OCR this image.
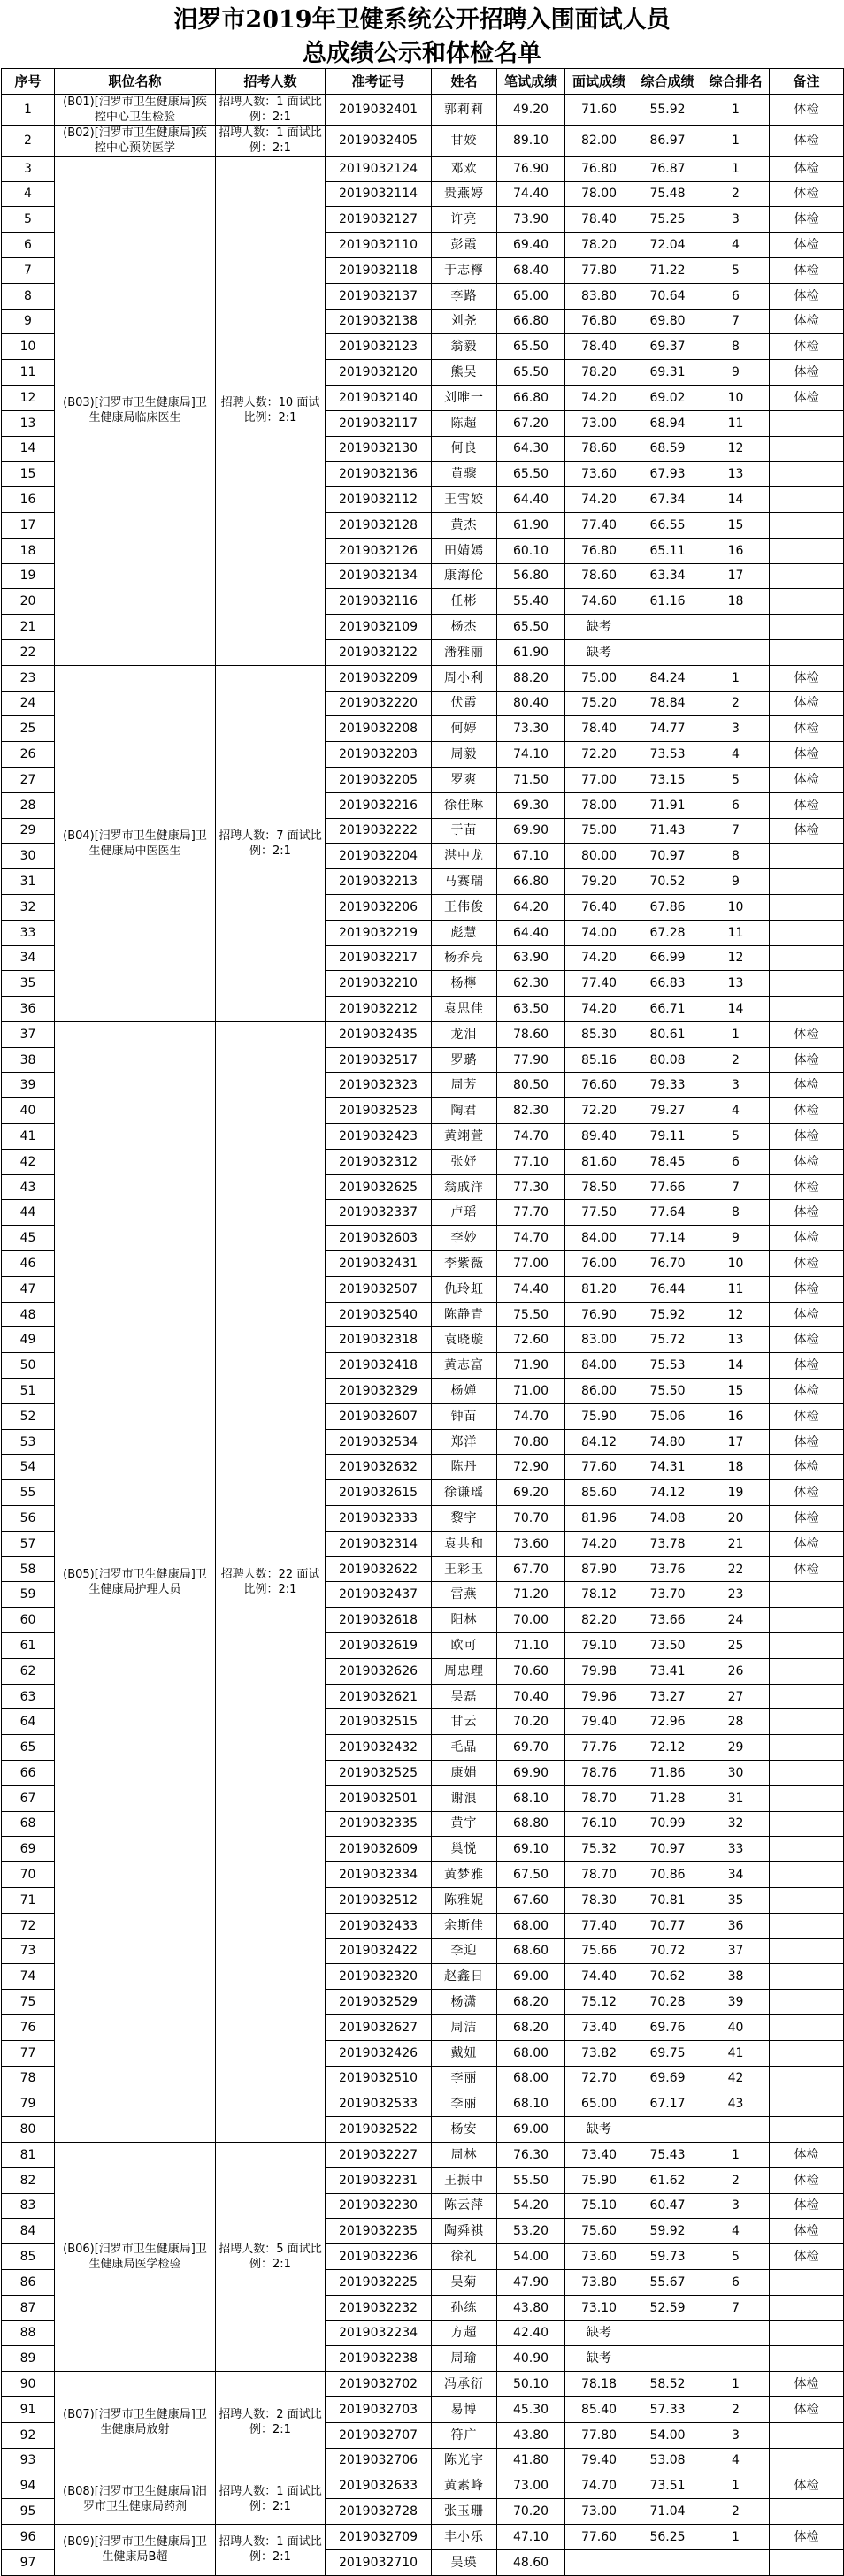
汨罗市2019年卫健系统公开招聘入围面试人员
总成绩公示和体检名单
序号	职位名称	招考人数	准考证号	姓名	笔试成绩	面试成绩	综合成绩	综合排名	备注
1	(B01)[汨罗市卫生健康局]疾控中心卫生检验	招聘人数：1 面试比例：2:1	2019032401	郭莉莉	49.20	71.60	55.92	1	体检
2	(B02)[汨罗市卫生健康局]疾控中心预防医学	招聘人数：1 面试比例：2:1	2019032405	甘姣	89.10	82.00	86.97	1	体检
3	(B03)[汨罗市卫生健康局]卫生健康局临床医生	招聘人数：10 面试比例：2:1	2019032124	邓欢	76.90	76.80	76.87	1	体检
4			2019032114	贵燕婷	74.40	78.00	75.48	2	体检
5			2019032127	许亮	73.90	78.40	75.25	3	体检
6			2019032110	彭霞	69.40	78.20	72.04	4	体检
7			2019032118	于志檸	68.40	77.80	71.22	5	体检
8			2019032137	李路	65.00	83.80	70.64	6	体检
9			2019032138	刘尧	66.80	76.80	69.80	7	体检
10			2019032123	翁毅	65.50	78.40	69.37	8	体检
11			2019032120	熊吴	65.50	78.20	69.31	9	体检
12			2019032140	刘唯一	66.80	74.20	69.02	10	体检
13			2019032117	陈超	67.20	73.00	68.94	11	
14			2019032130	何良	64.30	78.60	68.59	12	
15			2019032136	黄骤	65.50	73.60	67.93	13	
16			2019032112	王雪姣	64.40	74.20	67.34	14	
17			2019032128	黄杰	61.90	77.40	66.55	15	
18			2019032126	田婧嫣	60.10	76.80	65.11	16	
19			2019032134	康海伦	56.80	78.60	63.34	17	
20			2019032116	任彬	55.40	74.60	61.16	18	
21			2019032109	杨杰	65.50	缺考			
22			2019032122	潘雅丽	61.90	缺考			
23	(B04)[汨罗市卫生健康局]卫生健康局中医医生	招聘人数：7 面试比例：2:1	2019032209	周小利	88.20	75.00	84.24	1	体检
24			2019032220	伏霞	80.40	75.20	78.84	2	体检
25			2019032208	何婷	73.30	78.40	74.77	3	体检
26			2019032203	周毅	74.10	72.20	73.53	4	体检
27			2019032205	罗爽	71.50	77.00	73.15	5	体检
28			2019032216	徐佳琳	69.30	78.00	71.91	6	体检
29			2019032222	于苗	69.90	75.00	71.43	7	体检
30			2019032204	湛中龙	67.10	80.00	70.97	8	
31			2019032213	马赛瑞	66.80	79.20	70.52	9	
32			2019032206	王伟俊	64.20	76.40	67.86	10	
33			2019032219	彪慧	64.40	74.00	67.28	11	
34			2019032217	杨乔亮	63.90	74.20	66.99	12	
35			2019032210	杨檸	62.30	77.40	66.83	13	
36			2019032212	袁思佳	63.50	74.20	66.71	14	
37	(B05)[汨罗市卫生健康局]卫生健康局护理人员	招聘人数：22 面试比例：2:1	2019032435	龙泪	78.60	85.30	80.61	1	体检
38			2019032517	罗璐	77.90	85.16	80.08	2	体检
39			2019032323	周芳	80.50	76.60	79.33	3	体检
40			2019032523	陶君	82.30	72.20	79.27	4	体检
41			2019032423	黄翊萱	74.70	89.40	79.11	5	体检
42			2019032312	张妤	77.10	81.60	78.45	6	体检
43			2019032625	翁戚洋	77.30	78.50	77.66	7	体检
44			2019032337	卢瑶	77.70	77.50	77.64	8	体检
45			2019032603	李妙	74.70	84.00	77.14	9	体检
46			2019032431	李紫薇	77.00	76.00	76.70	10	体检
47			2019032507	仇玲虹	74.40	81.20	76.44	11	体检
48			2019032540	陈静青	75.50	76.90	75.92	12	体检
49			2019032318	袁晓璇	72.60	83.00	75.72	13	体检
50			2019032418	黄志富	71.90	84.00	75.53	14	体检
51			2019032329	杨婵	71.00	86.00	75.50	15	体检
52			2019032607	钟苗	74.70	75.90	75.06	16	体检
53			2019032534	郑洋	70.80	84.12	74.80	17	体检
54			2019032632	陈丹	72.90	77.60	74.31	18	体检
55			2019032615	徐谦瑶	69.20	85.60	74.12	19	体检
56			2019032333	黎宇	70.70	81.96	74.08	20	体检
57			2019032314	袁共和	73.60	74.20	73.78	21	体检
58			2019032622	王彩玉	67.70	87.90	73.76	22	体检
59			2019032437	雷燕	71.20	78.12	73.70	23	
60			2019032618	阳林	70.00	82.20	73.66	24	
61			2019032619	欧可	71.10	79.10	73.50	25	
62			2019032626	周忠理	70.60	79.98	73.41	26	
63			2019032621	吴磊	70.40	79.96	73.27	27	
64			2019032515	甘云	70.20	79.40	72.96	28	
65			2019032432	毛晶	69.70	77.76	72.12	29	
66			2019032525	康娟	69.90	78.76	71.86	30	
67			2019032501	谢浪	68.10	78.70	71.28	31	
68			2019032335	黄宇	68.80	76.10	70.99	32	
69			2019032609	巢悦	69.10	75.32	70.97	33	
70			2019032334	黄梦雅	67.50	78.70	70.86	34	
71			2019032512	陈雅妮	67.60	78.30	70.81	35	
72			2019032433	余斯佳	68.00	77.40	70.77	36	
73			2019032422	李迎	68.60	75.66	70.72	37	
74			2019032320	赵鑫日	69.00	74.40	70.62	38	
75			2019032529	杨潇	68.20	75.12	70.28	39	
76			2019032627	周洁	68.20	73.40	69.76	40	
77			2019032426	戴妞	68.00	73.82	69.75	41	
78			2019032510	李丽	68.00	72.70	69.69	42	
79			2019032533	李丽	68.10	65.00	67.17	43	
80			2019032522	杨安	69.00	缺考			
81	(B06)[汨罗市卫生健康局]卫生健康局医学检验	招聘人数：5 面试比例：2:1	2019032227	周林	76.30	73.40	75.43	1	体检
82			2019032231	王振中	55.50	75.90	61.62	2	体检
83			2019032230	陈云萍	54.20	75.10	60.47	3	体检
84			2019032235	陶舜祺	53.20	75.60	59.92	4	体检
85			2019032236	徐礼	54.00	73.60	59.73	5	体检
86			2019032225	吴菊	47.90	73.80	55.67	6	
87			2019032232	孙练	43.80	73.10	52.59	7	
88			2019032234	方超	42.40	缺考			
89			2019032238	周瑜	40.90	缺考			
90	(B07)[汨罗市卫生健康局]卫生健康局放射	招聘人数：2 面试比例：2:1	2019032702	冯承衍	50.10	78.18	58.52	1	体检
91			2019032703	易博	45.30	85.40	57.33	2	体检
92			2019032707	符广	43.80	77.80	54.00	3	
93			2019032706	陈光宇	41.80	79.40	53.08	4	
94	(B08)[汨罗市卫生健康局]汨罗市卫生健康局药剂	招聘人数：1 面试比例：2:1	2019032633	黄素峰	73.00	74.70	73.51	1	体检
95			2019032728	张玉珊	70.20	73.00	71.04	2	
96	(B09)[汨罗市卫生健康局]卫生健康局B超	招聘人数：1 面试比例：2:1	2019032709	丰小乐	47.10	77.60	56.25	1	体检
97			2019032710	吴瑛	48.60				
